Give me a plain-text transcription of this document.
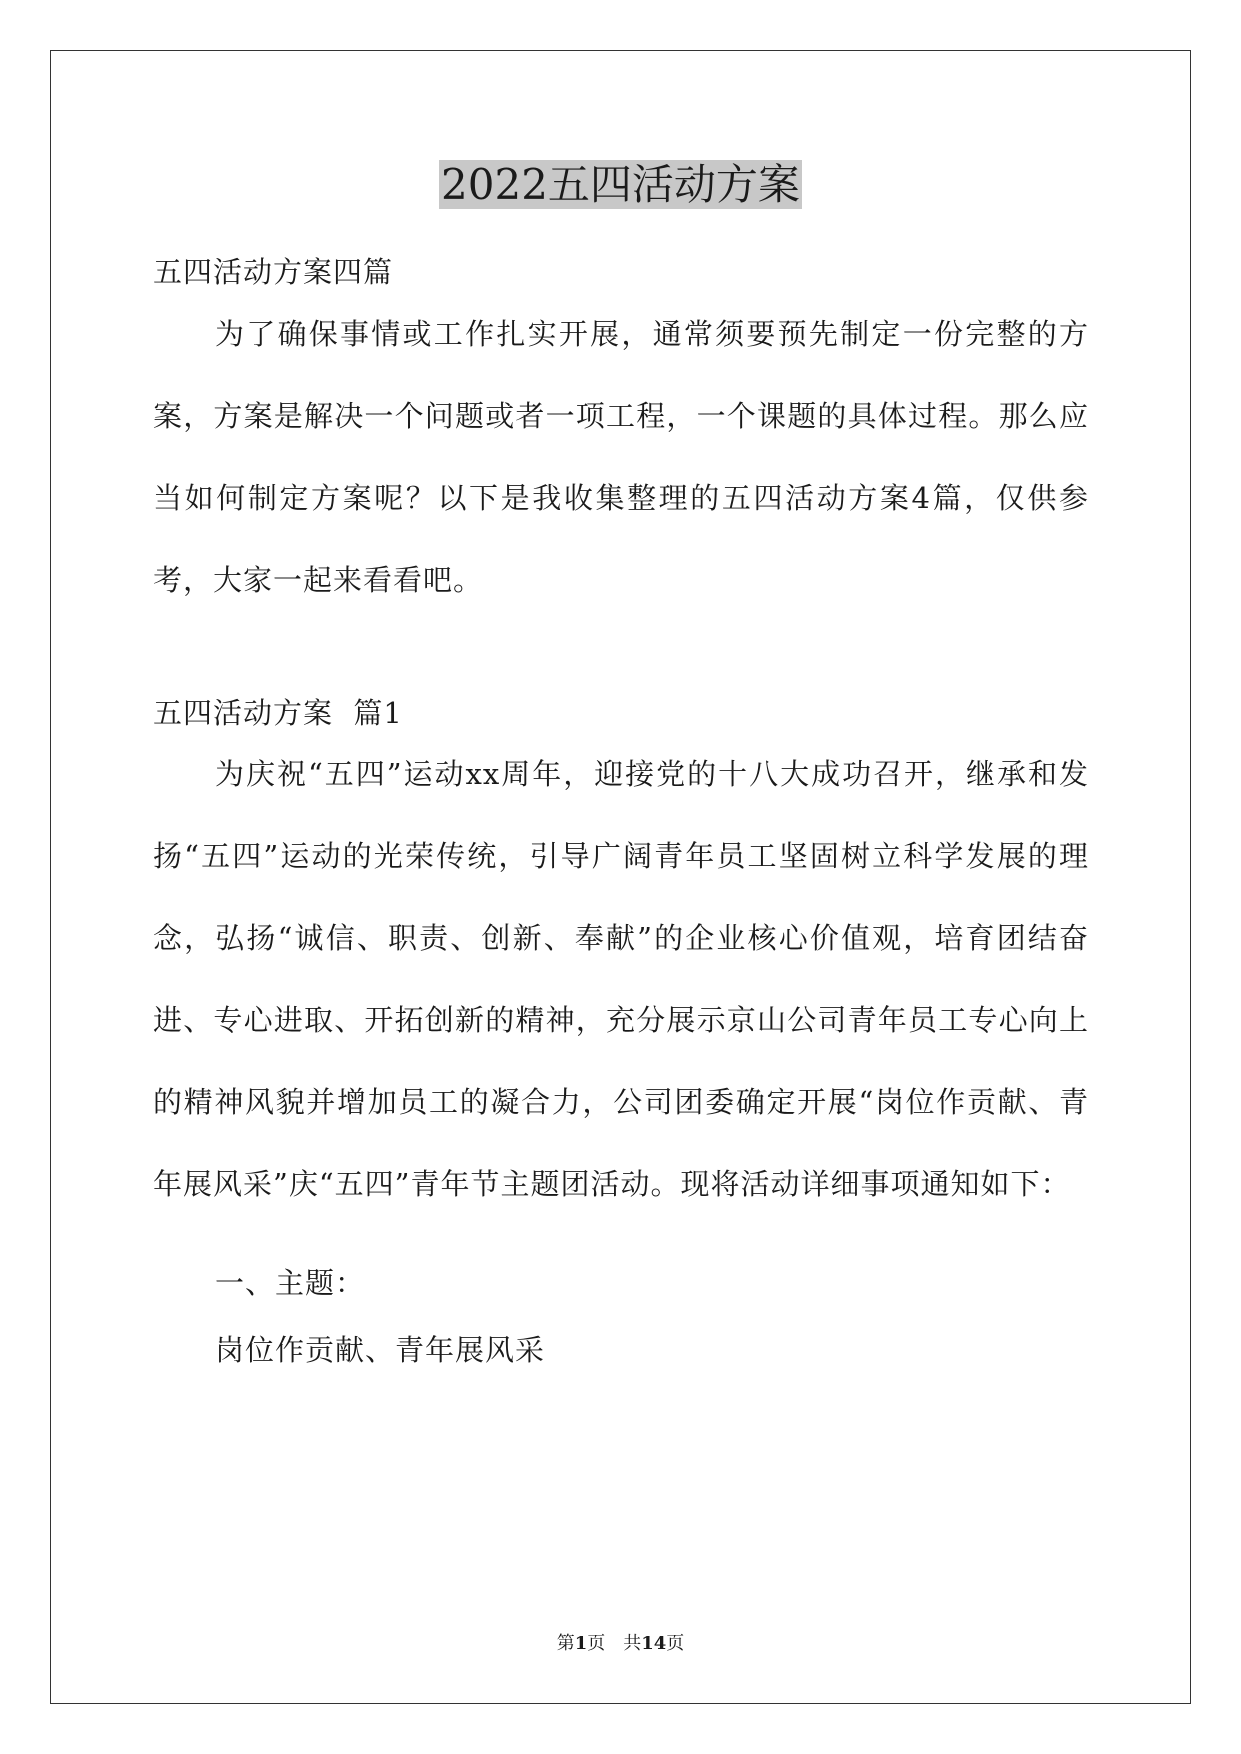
2022五四活动方案

五四活动方案四篇

为了确保事情或工作扎实开展，通常须要预先制定一份完整的方案，方案是解决一个问题或者一项工程，一个课题的具体过程。那么应当如何制定方案呢？以下是我收集整理的五四活动方案4篇，仅供参考，大家一起来看看吧。

五四活动方案  篇1

为庆祝“五四”运动xx周年，迎接党的十八大成功召开，继承和发扬“五四”运动的光荣传统，引导广阔青年员工坚固树立科学发展的理念，弘扬“诚信、职责、创新、奉献”的企业核心价值观，培育团结奋进、专心进取、开拓创新的精神，充分展示京山公司青年员工专心向上的精神风貌并增加员工的凝合力，公司团委确定开展“岗位作贡献、青年展风采”庆“五四”青年节主题团活动。现将活动详细事项通知如下：

一、主题：

岗位作贡献、青年展风采

第1页 共14页
